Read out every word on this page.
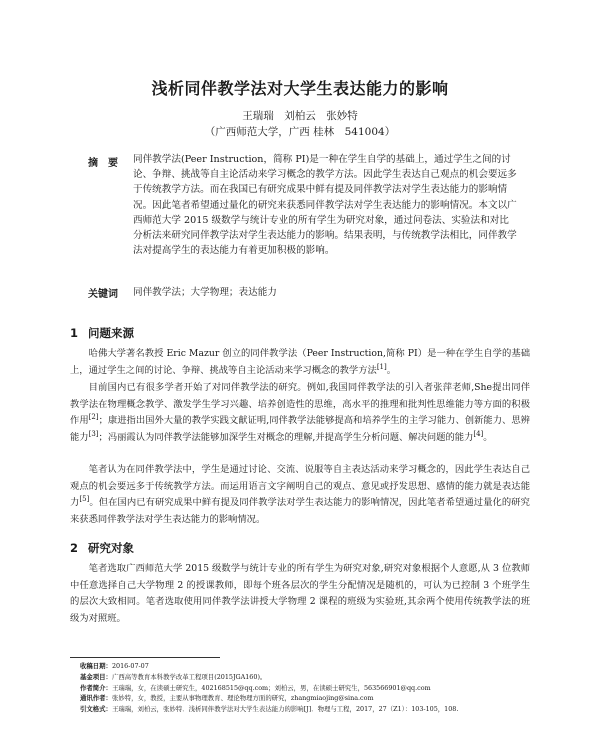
浅析同伴教学法对大学生表达能力的影响
王瑞瑞　刘柏云　张妙特
（广西师范大学，广西 桂林　541004）
摘　要 同伴教学法(Peer Instruction，简称 PI)是一种在学生自学的基础上，通过学生之间的讨论、争辩、挑战等自主论活动来学习概念的教学方法。因此学生表达自己观点的机会要远多于传统教学方法。而在我国已有研究成果中鲜有提及同伴教学法对学生表达能力的影响情况。因此笔者希望通过量化的研究来获悉同伴教学法对学生表达能力的影响情况。本文以广西师范大学 2015 级数学与统计专业的所有学生为研究对象，通过问卷法、实验法和对比分析法来研究同伴教学法对学生表达能力的影响。结果表明，与传统教学法相比，同伴教学法对提高学生的表达能力有着更加积极的影响。
关键词 同伴教学法；大学物理；表达能力
1 问题来源
哈佛大学著名教授 Eric Mazur 创立的同伴教学法（Peer Instruction,简称 PI）是一种在学生自学的基础上，通过学生之间的讨论、争辩、挑战等自主论活动来学习概念的教学方法[1]。
目前国内已有很多学者开始了对同伴教学法的研究。例如,我国同伴教学法的引入者张萍老师,She提出同伴教学法在物理概念教学、激发学生学习兴趣、培养创造性的思维，高水平的推理和批判性思维能力等方面的积极作用[2]；康进指出国外大量的教学实践文献证明,同伴教学法能够提高和培养学生的主学习能力、创新能力、思辨能力[3]；冯丽霞认为同伴教学法能够加深学生对概念的理解,并提高学生分析问题、解决问题的能力[4]。
笔者认为在同伴教学法中，学生是通过讨论、交流、说服等自主表达活动来学习概念的，因此学生表达自己观点的机会要远多于传统教学方法。而运用语言文字阐明自己的观点、意见或抒发思想、感情的能力就是表达能力[5]。但在国内已有研究成果中鲜有提及同伴教学法对学生表达能力的影响情况，因此笔者希望通过量化的研究来获悉同伴教学法对学生表达能力的影响情况。
2 研究对象
笔者选取广西师范大学 2015 级数学与统计专业的所有学生为研究对象,研究对象根据个人意愿,从 3 位教师中任意选择自己大学物理 2 的授课教师，即每个班各层次的学生分配情况是随机的，可认为已控制 3 个班学生的层次大致相同。笔者选取使用同伴教学法讲授大学物理 2 课程的班级为实验班,其余两个使用传统教学法的班级为对照班。
收稿日期：2016-07-07
基金项目：广西高等教育本科教学改革工程项目(2015JGA160)。
作者简介：王瑞瑞，女，在读硕士研究生，402168515@qq.com；刘柏云，男，在读硕士研究生，563566901@qq.com
通讯作者：张妙特，女，教授，主要从事物理教育、理论物理方面的研究，zhangmiaojing@sina.com
引文格式：王瑞瑞，刘柏云，张妙特．浅析同伴教学法对大学生表达能力的影响[J]．物理与工程，2017，27（Z1）：103-105，108.
